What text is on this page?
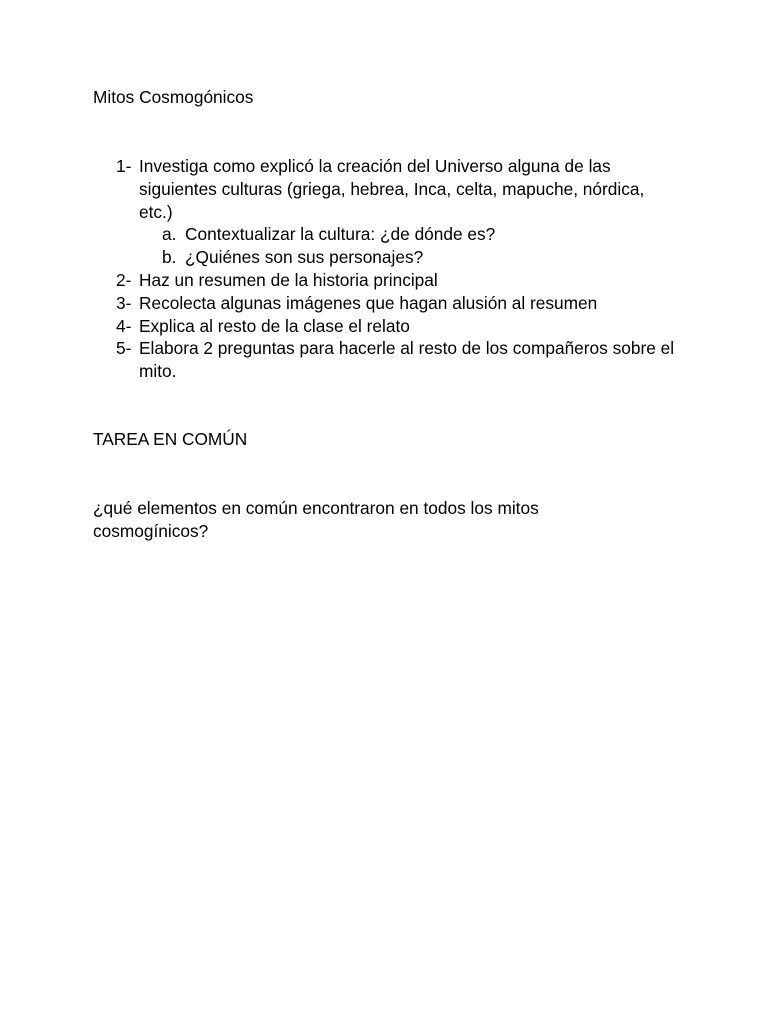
Mitos Cosmogónicos
1- Investiga como explicó la creación del Universo alguna de las siguientes culturas (griega, hebrea, Inca, celta, mapuche, nórdica, etc.)
a. Contextualizar la cultura: ¿de dónde es?
b. ¿Quiénes son sus personajes?
2- Haz un resumen de la historia principal
3- Recolecta algunas imágenes que hagan alusión al resumen
4- Explica al resto de la clase el relato
5- Elabora 2 preguntas para hacerle al resto de los compañeros sobre el mito.
TAREA EN COMÚN
¿qué elementos en común encontraron en todos los mitos cosmogínicos?
